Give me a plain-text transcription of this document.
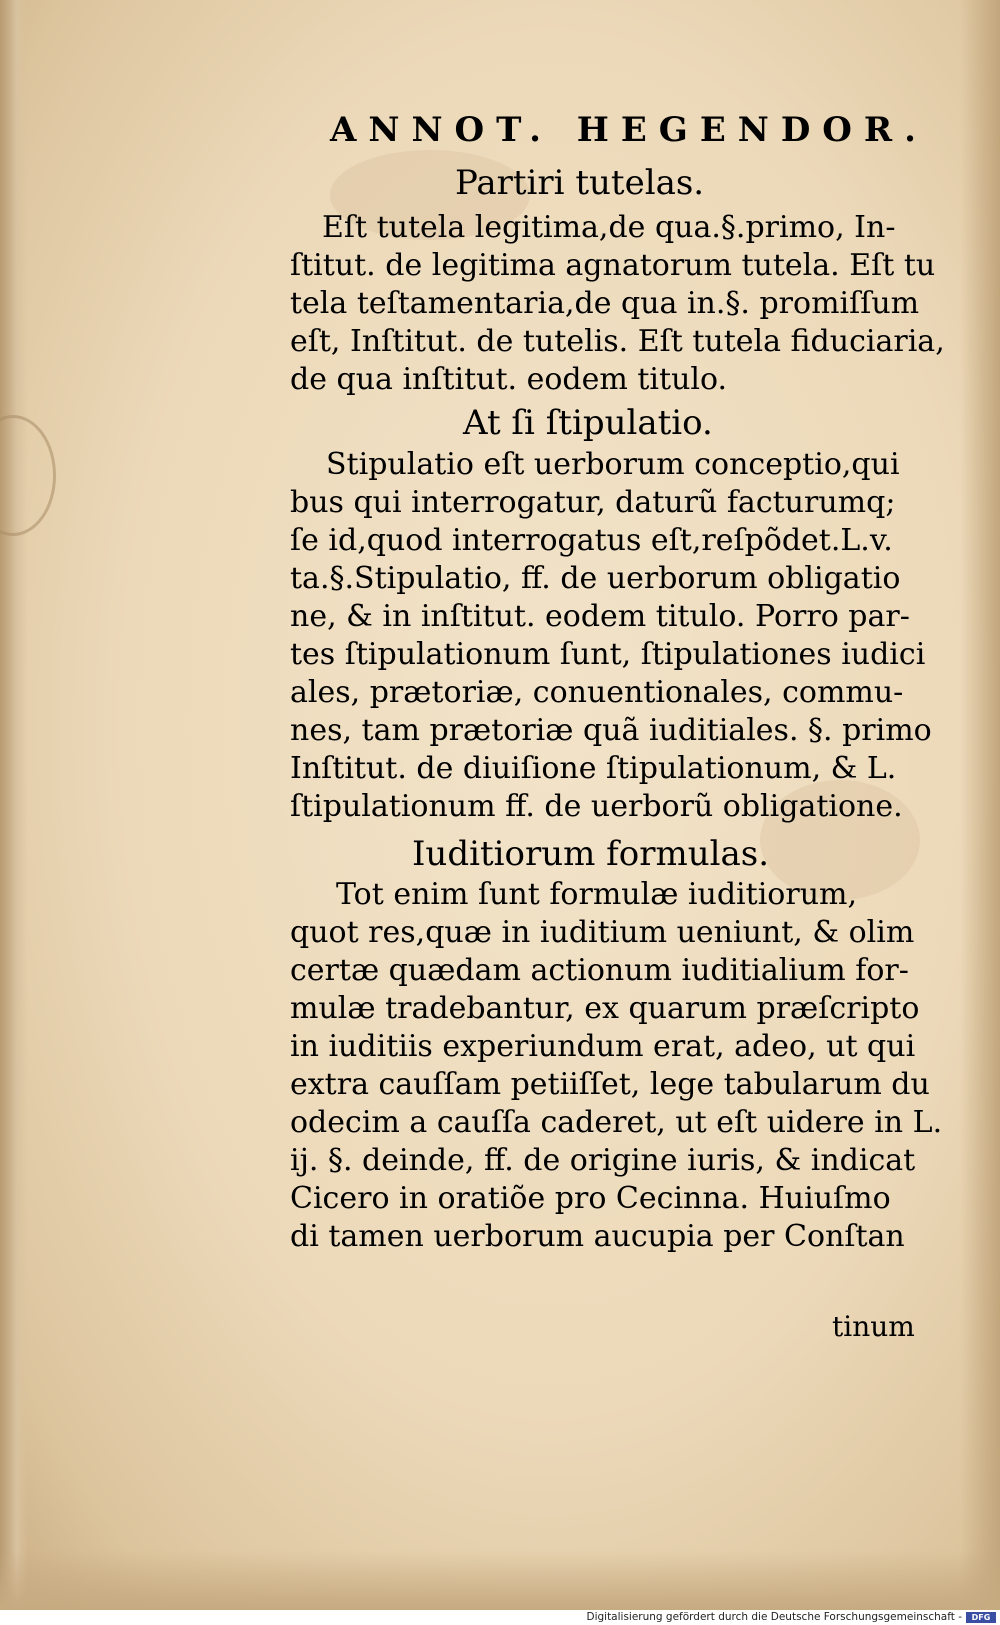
ANNOT. HEGENDOR.
Partiri tutelas.
Eſt tutela legitima,de qua.§.primo, In-
ſtitut. de legitima agnatorum tutela. Eſt tu
tela teſtamentaria,de qua in.§. promiſſum
eſt, Inſtitut. de tutelis. Eſt tutela fiduciaria,
de qua inſtitut. eodem titulo.
At ſi ſtipulatio.
Stipulatio eſt uerborum conceptio,qui
bus qui interrogatur, daturũ facturumq;
ſe id,quod interrogatus eſt,reſpõdet.L.v.
ta.§.Stipulatio, ff. de uerborum obligatio
ne, & in inſtitut. eodem titulo. Porro par-
tes ſtipulationum ſunt, ſtipulationes iudici
ales, prætoriæ, conuentionales, commu-
nes, tam prætoriæ quã iuditiales. §. primo
Inſtitut. de diuiſione ſtipulationum, & L.
ſtipulationum ff. de uerborũ obligatione.
Iuditiorum formulas.
Tot enim ſunt formulæ iuditiorum,
quot res,quæ in iuditium ueniunt, & olim
certæ quædam actionum iuditialium for-
mulæ tradebantur, ex quarum præſcripto
in iuditiis experiundum erat, adeo, ut qui
extra cauſſam petiiſſet, lege tabularum du
odecim a cauſſa caderet, ut eſt uidere in L.
ij. §. deinde, ff. de origine iuris, & indicat
Cicero in oratiõe pro Cecinna. Huiuſmo
di tamen uerborum aucupia per Conſtan
tinum
Digitalisierung gefördert durch die Deutsche Forschungsgemeinschaft -	DFG
